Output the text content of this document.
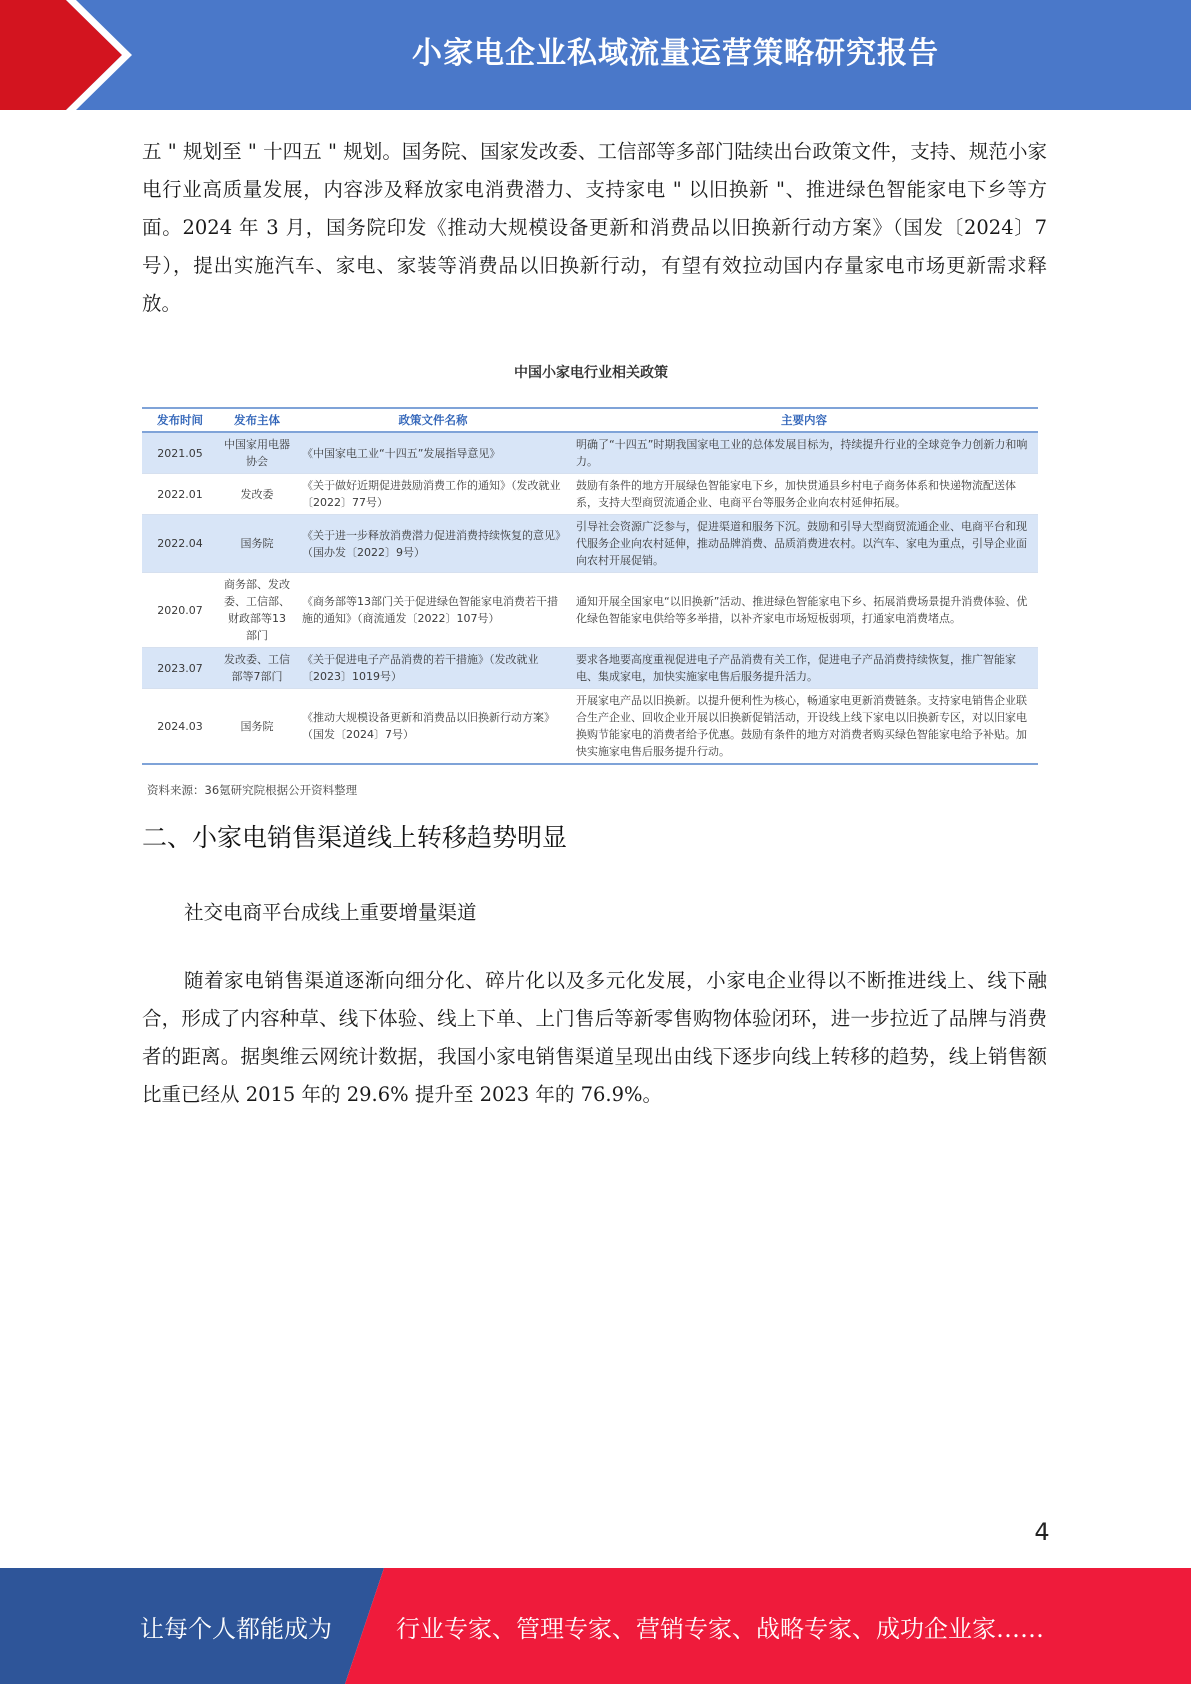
小家电企业私域流量运营策略研究报告
五 " 规划至 " 十四五 " 规划。国务院、国家发改委、工信部等多部门陆续出台政策文件，支持、规范小家电行业高质量发展，内容涉及释放家电消费潜力、支持家电 " 以旧换新 "、推进绿色智能家电下乡等方面。2024 年 3 月，国务院印发《推动大规模设备更新和消费品以旧换新行动方案》（国发〔2024〕7 号），提出实施汽车、家电、家装等消费品以旧换新行动，有望有效拉动国内存量家电市场更新需求释放。
中国小家电行业相关政策
发布时间	发布主体	政策文件名称	主要内容
2021.05	中国家用电器协会	《中国家电工业“十四五”发展指导意见》	明确了“十四五”时期我国家电工业的总体发展目标为，持续提升行业的全球竞争力创新力和响力。
2022.01	发改委	《关于做好近期促进鼓励消费工作的通知》（发改就业〔2022〕77号）	鼓励有条件的地方开展绿色智能家电下乡，加快贯通县乡村电子商务体系和快递物流配送体系，支持大型商贸流通企业、电商平台等服务企业向农村延伸拓展。
2022.04	国务院	《关于进一步释放消费潜力促进消费持续恢复的意见》（国办发〔2022〕9号）	引导社会资源广泛参与，促进渠道和服务下沉。鼓励和引导大型商贸流通企业、电商平台和现代服务企业向农村延伸，推动品牌消费、品质消费进农村。以汽车、家电为重点，引导企业面向农村开展促销。
2020.07	商务部、发改委、工信部、财政部等13部门	《商务部等13部门关于促进绿色智能家电消费若干措施的通知》（商流通发〔2022〕107号）	通知开展全国家电“以旧换新”活动、推进绿色智能家电下乡、拓展消费场景提升消费体验、优化绿色智能家电供给等多举措，以补齐家电市场短板弱项，打通家电消费堵点。
2023.07	发改委、工信部等7部门	《关于促进电子产品消费的若干措施》（发改就业〔2023〕1019号）	要求各地要高度重视促进电子产品消费有关工作，促进电子产品消费持续恢复，推广智能家电、集成家电，加快实施家电售后服务提升活力。
2024.03	国务院	《推动大规模设备更新和消费品以旧换新行动方案》（国发〔2024〕7号）	开展家电产品以旧换新。以提升便利性为核心，畅通家电更新消费链条。支持家电销售企业联合生产企业、回收企业开展以旧换新促销活动，开设线上线下家电以旧换新专区，对以旧家电换购节能家电的消费者给予优惠。鼓励有条件的地方对消费者购买绿色智能家电给予补贴。加快实施家电售后服务提升行动。
资料来源：36氪研究院根据公开资料整理
二、小家电销售渠道线上转移趋势明显
社交电商平台成线上重要增量渠道
随着家电销售渠道逐渐向细分化、碎片化以及多元化发展，小家电企业得以不断推进线上、线下融合，形成了内容种草、线下体验、线上下单、上门售后等新零售购物体验闭环，进一步拉近了品牌与消费者的距离。据奥维云网统计数据，我国小家电销售渠道呈现出由线下逐步向线上转移的趋势，线上销售额比重已经从 2015 年的 29.6% 提升至 2023 年的 76.9%。
4
让每个人都能成为	行业专家、管理专家、营销专家、战略专家、成功企业家……
